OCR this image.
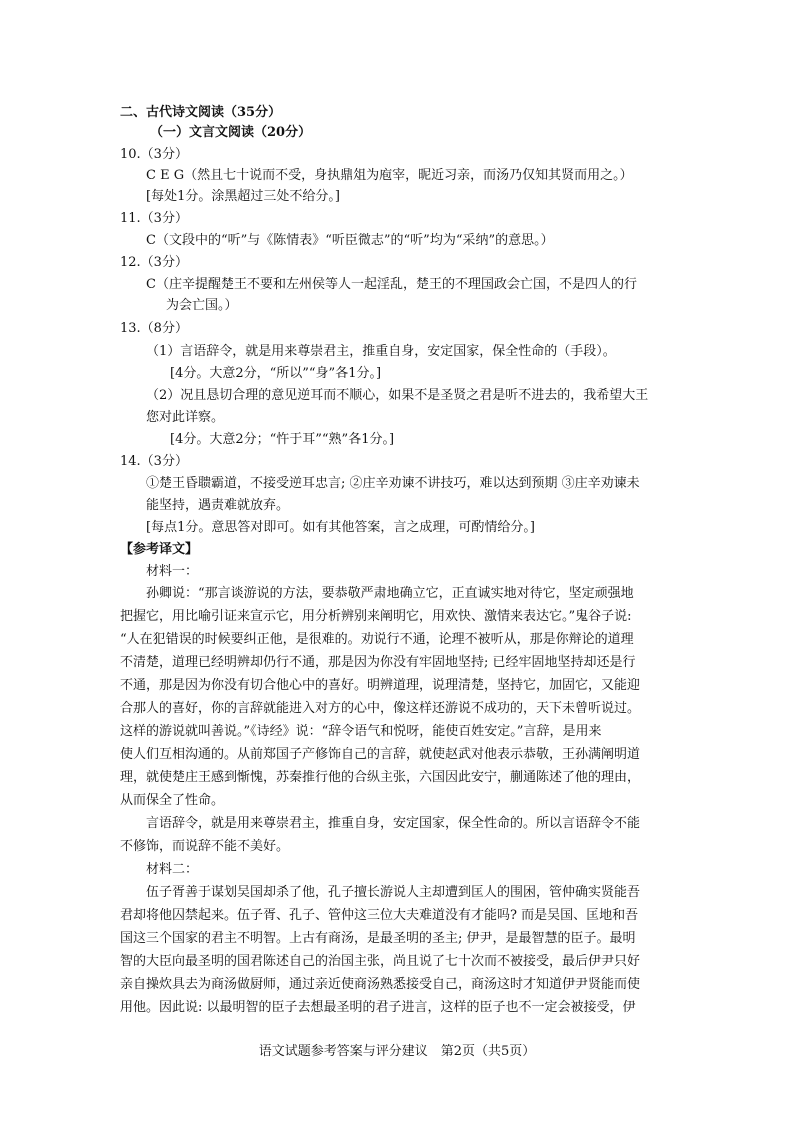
二、古代诗文阅读（35分）
（一）文言文阅读（20分）
10.（3分）
C E G（然且七十说而不受，身执鼎俎为庖宰，昵近习亲，而汤乃仅知其贤而用之。）
[每处1分。涂黑超过三处不给分。]
11.（3分）
C（文段中的“听”与《陈情表》“听臣微志”的“听”均为“采纳”的意思。）
12.（3分）
C（庄辛提醒楚王不要和左州侯等人一起淫乱，楚王的不理国政会亡国，不是四人的行
为会亡国。）
13.（8分）
（1）言语辞令，就是用来尊崇君主，推重自身，安定国家，保全性命的（手段）。
[4分。大意2分，“所以”“身”各1分。]
（2）况且恳切合理的意见逆耳而不顺心，如果不是圣贤之君是听不进去的，我希望大王
您对此详察。
[4分。大意2分；“忤于耳”“熟”各1分。]
14.（3分）
①楚王昏聩霸道，不接受逆耳忠言; ②庄辛劝谏不讲技巧，难以达到预期 ③庄辛劝谏未
能坚持，遇责难就放弃。
[每点1分。意思答对即可。如有其他答案，言之成理，可酌情给分。]
【参考译文】
材料一：
孙卿说：“那言谈游说的方法，要恭敬严肃地确立它，正直诚实地对待它，坚定顽强地
把握它，用比喻引证来宣示它，用分析辨别来阐明它，用欢快、激情来表达它。”鬼谷子说:
“人在犯错误的时候要纠正他，是很难的。劝说行不通，论理不被听从，那是你辩论的道理
不清楚，道理已经明辨却仍行不通，那是因为你没有牢固地坚持; 已经牢固地坚持却还是行
不通，那是因为你没有切合他心中的喜好。明辨道理，说理清楚，坚持它，加固它，又能迎
合那人的喜好，你的言辞就能进入对方的心中，像这样还游说不成功的，天下未曾听说过。
这样的游说就叫善说。”《诗经》说：“辞令语气和悦呀，能使百姓安定。”言辞，是用来
使人们互相沟通的。从前郑国子产修饰自己的言辞，就使赵武对他表示恭敬，王孙满阐明道
理，就使楚庄王感到惭愧，苏秦推行他的合纵主张，六国因此安宁，蒯通陈述了他的理由，
从而保全了性命。
言语辞令，就是用来尊崇君主，推重自身，安定国家，保全性命的。所以言语辞令不能
不修饰，而说辞不能不美好。
材料二：
伍子胥善于谋划吴国却杀了他，孔子擅长游说人主却遭到匡人的围困，管仲确实贤能吾
君却将他囚禁起来。伍子胥、孔子、管仲这三位大夫难道没有才能吗? 而是吴国、匡地和吾
国这三个国家的君主不明智。上古有商汤，是最圣明的圣主; 伊尹，是最智慧的臣子。最明
智的大臣向最圣明的国君陈述自己的治国主张，尚且说了七十次而不被接受，最后伊尹只好
亲自操炊具去为商汤做厨师，通过亲近使商汤熟悉接受自己，商汤这时才知道伊尹贤能而使
用他。因此说: 以最明智的臣子去想最圣明的君子进言，这样的臣子也不一定会被接受，伊
语文试题参考答案与评分建议　第2页（共5页）
